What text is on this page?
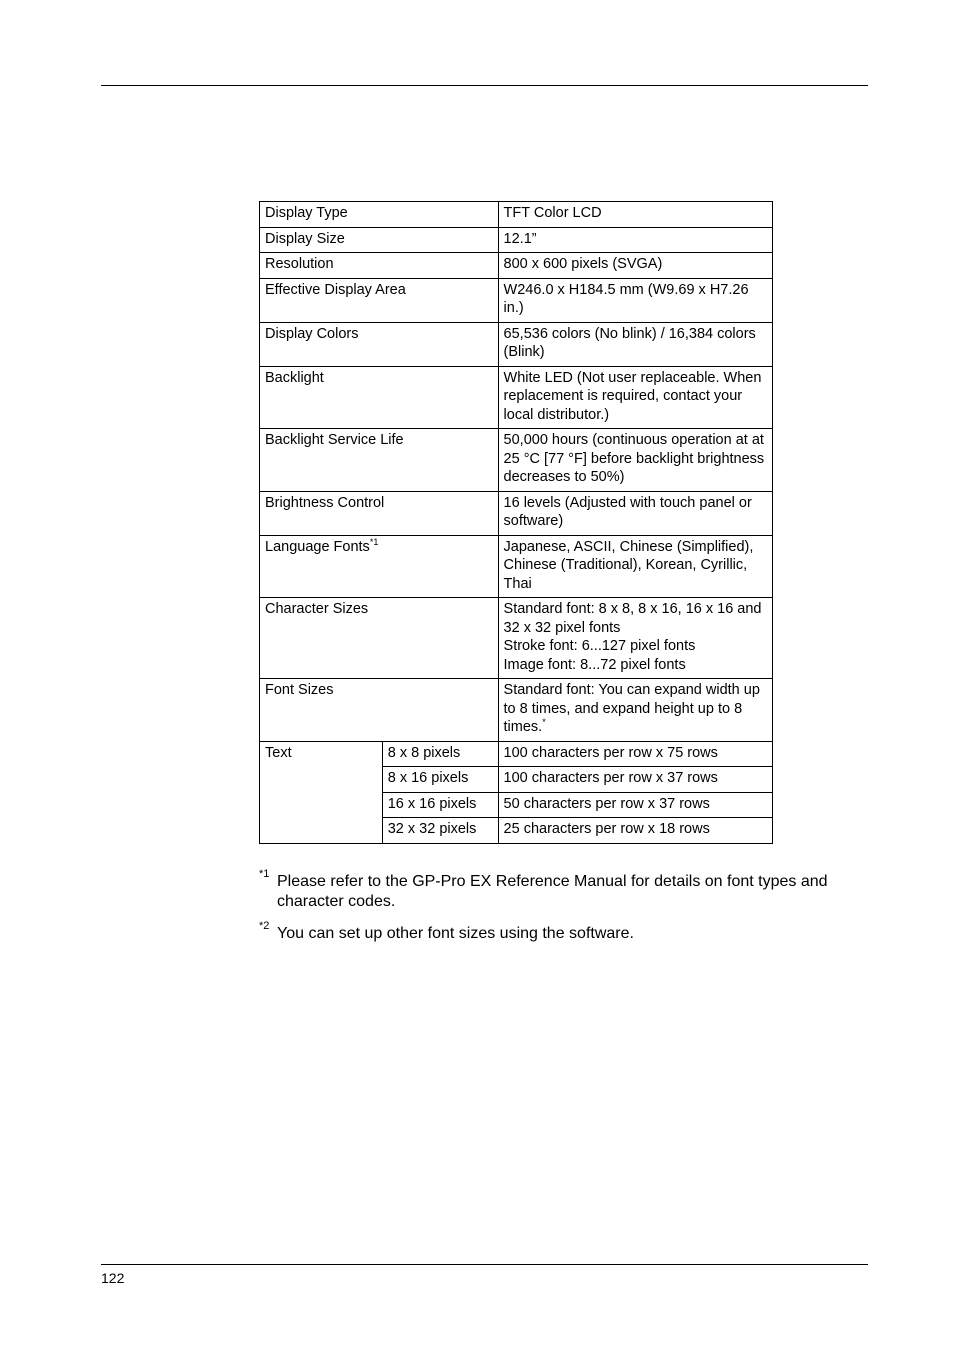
Display Type		TFT Color LCD
Display Size		12.1”
Resolution		800 x 600 pixels (SVGA)
Effective Display Area		W246.0 x H184.5 mm (W9.69 x H7.26 in.)
Display Colors		65,536 colors (No blink) / 16,384 colors (Blink)
Backlight		White LED (Not user replaceable. When replacement is required, contact your local distributor.)
Backlight Service Life		50,000 hours (continuous operation at at 25 °C [77 °F] before backlight brightness decreases to 50%)
Brightness Control		16 levels (Adjusted with touch panel or software)
Language Fonts$^{*1}$		Japanese, ASCII, Chinese (Simplified), Chinese (Traditional), Korean, Cyrillic, Thai
Character Sizes		Standard font: 8 x 8, 8 x 16, 16 x 16 and 32 x 32 pixel fonts
Stroke font: 6...127 pixel fonts
Image font: 8...72 pixel fonts

Font Sizes		Standard font: You can expand width up to 8 times, and expand height up to 8 times.*
Text	8 x 8 pixels	100 characters per row x 75 rows
	8 x 16 pixels	100 characters per row x 37 rows
	16 x 16 pixels	50 characters per row x 37 rows
	32 x 32 pixels	25 characters per row x 18 rows
*1 Please refer to the GP-Pro EX Reference Manual for details on font types and character codes.
*2 You can set up other font sizes using the software.
122
